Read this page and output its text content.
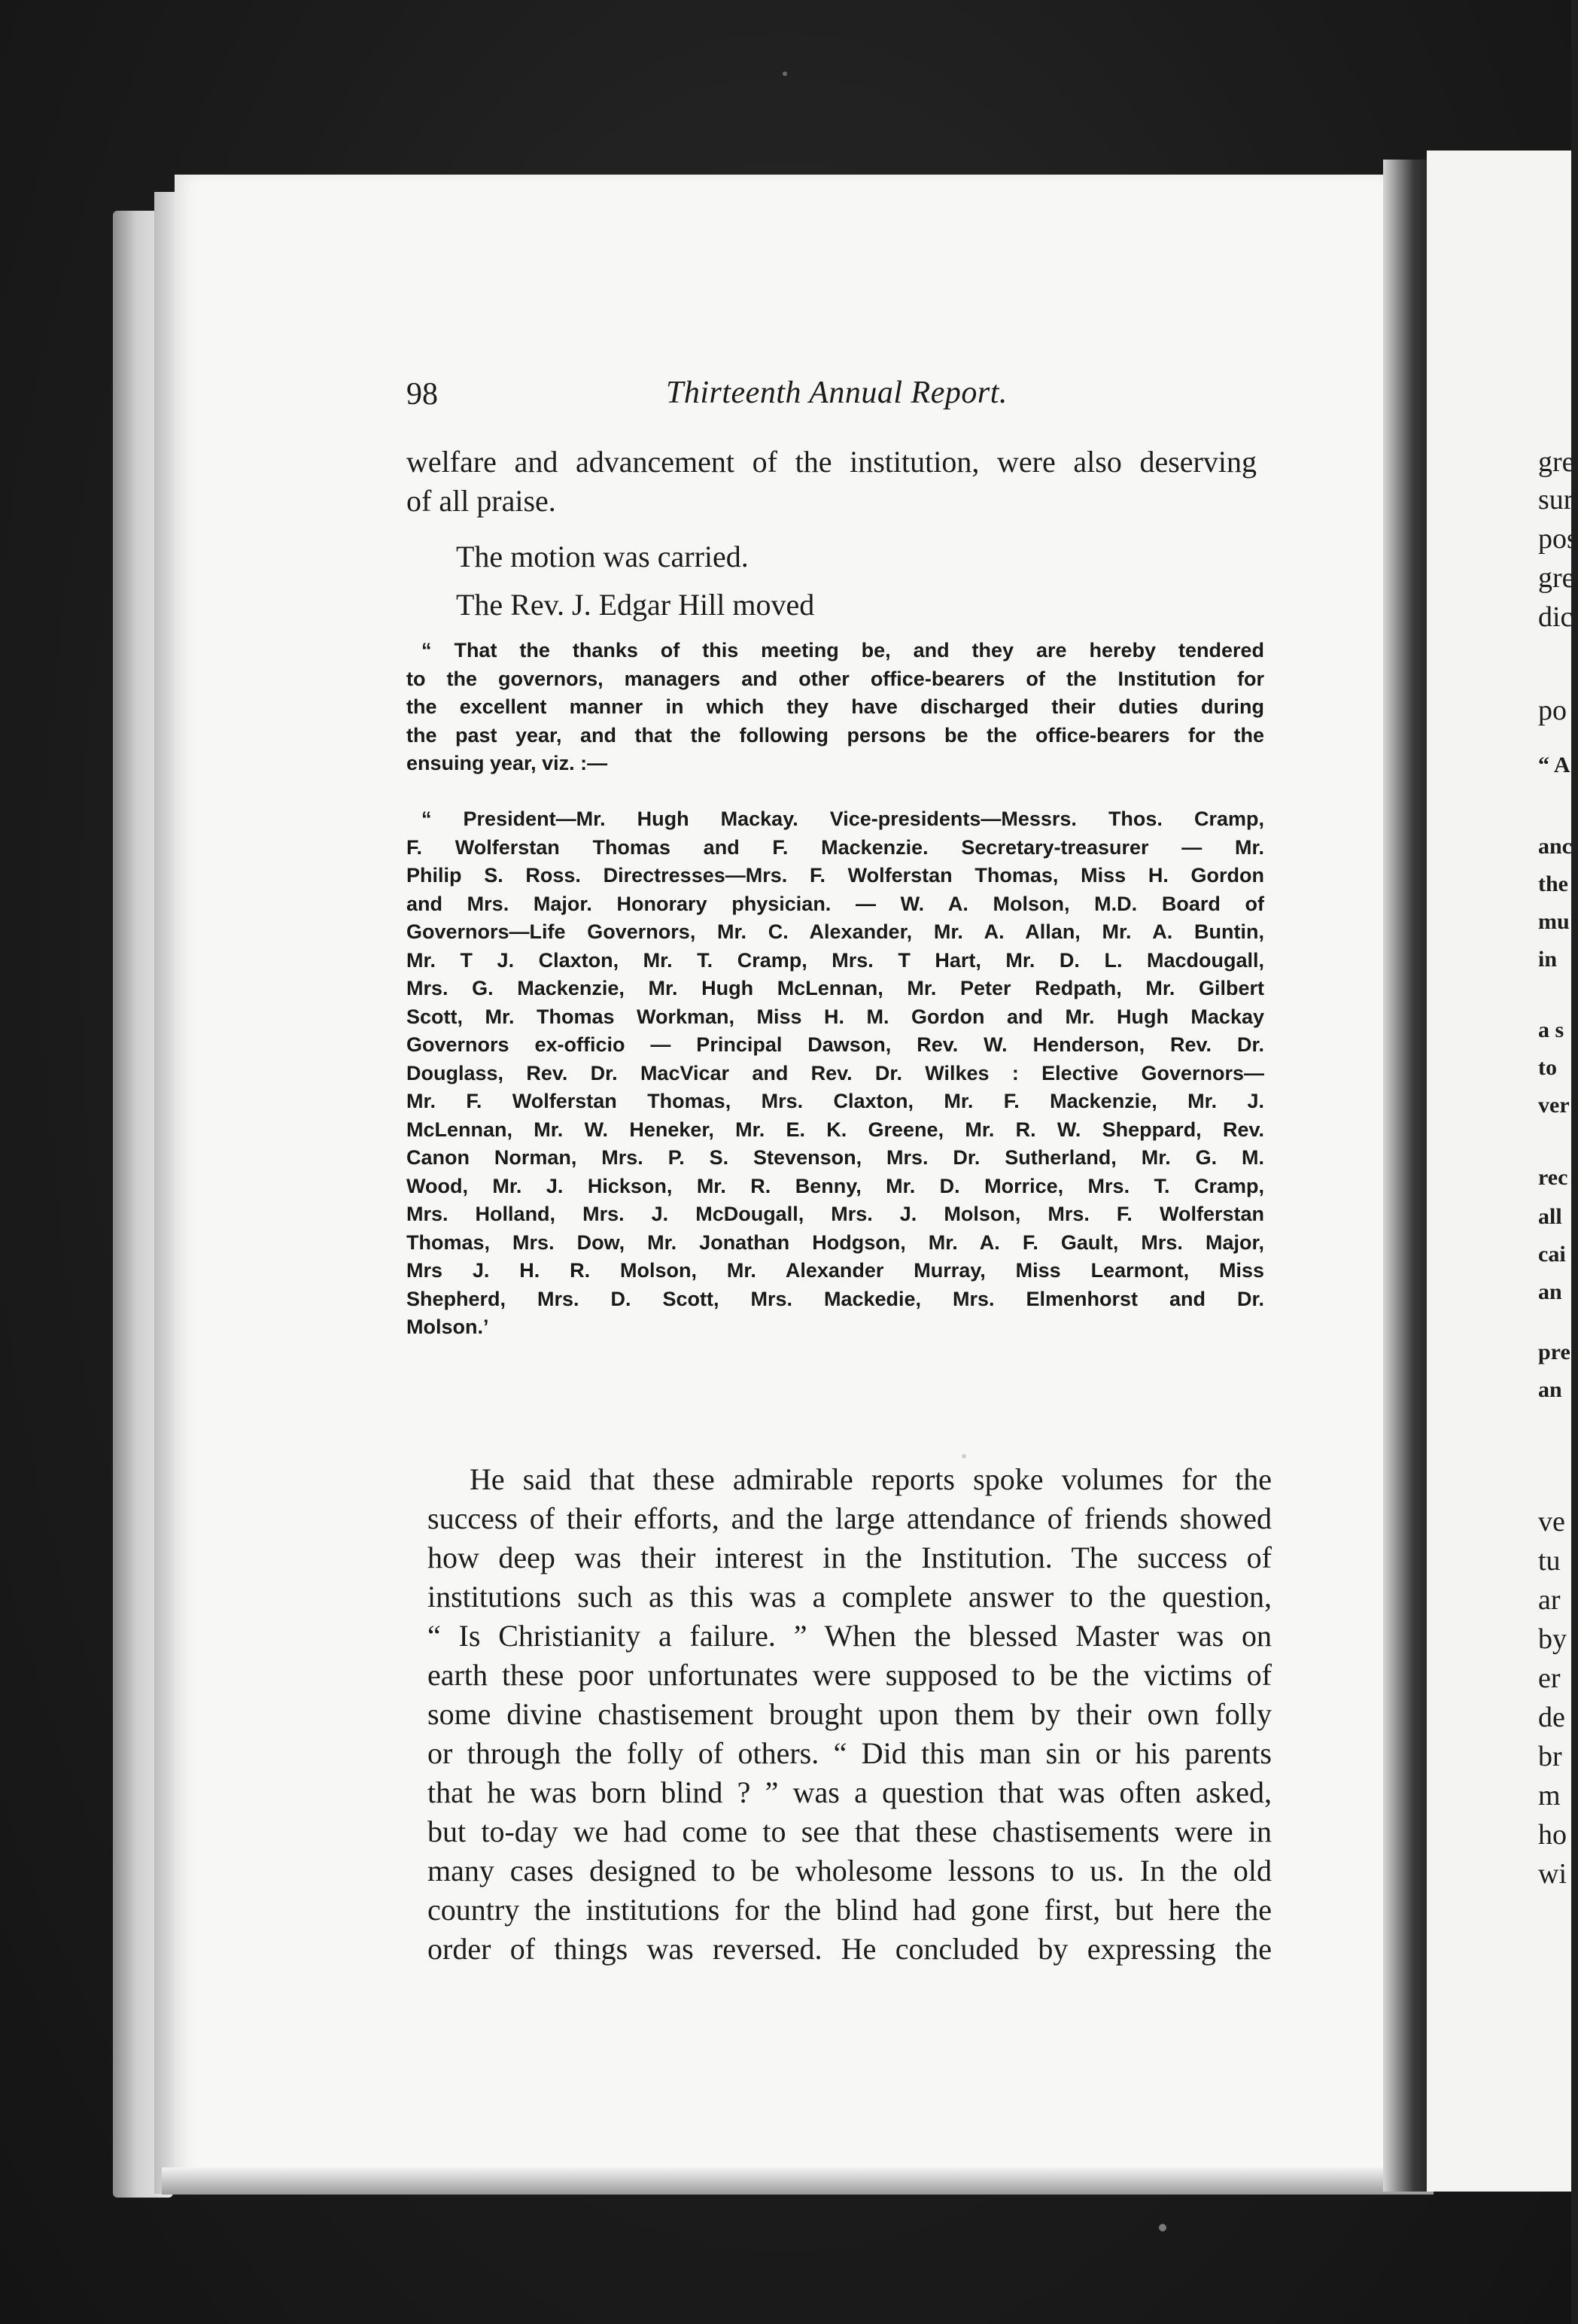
gre
sur
pos
gre
dic
po
“ A
anc
the
mu
in
a s
to
ver
rec
all
cai
an
pre
an
ve
tu
ar
by
er
de
br
m
ho
wi
98	Thirteenth Annual Report.
welfare and advancement of the institution, were also deserving
of all praise.
The motion was carried.
The Rev. J. Edgar Hill moved
“ That the thanks of this meeting be, and they are hereby tendered
to the governors, managers and other office-bearers of the Institution for
the excellent manner in which they have discharged their duties during
the past year, and that the following persons be the office-bearers for the
ensuing year, viz. :—
“ President—Mr. Hugh Mackay. Vice-presidents—Messrs. Thos. Cramp,
F. Wolferstan Thomas and F. Mackenzie. Secretary-treasurer — Mr.
Philip S. Ross. Directresses—Mrs. F. Wolferstan Thomas, Miss H. Gordon
and Mrs. Major. Honorary physician. — W. A. Molson, M.D. Board of
Governors—Life Governors, Mr. C. Alexander, Mr. A. Allan, Mr. A. Buntin,
Mr. T J. Claxton, Mr. T. Cramp, Mrs. T Hart, Mr. D. L. Macdougall,
Mrs. G. Mackenzie, Mr. Hugh McLennan, Mr. Peter Redpath, Mr. Gilbert
Scott, Mr. Thomas Workman, Miss H. M. Gordon and Mr. Hugh Mackay
Governors ex-officio — Principal Dawson, Rev. W. Henderson, Rev. Dr.
Douglass, Rev. Dr. MacVicar and Rev. Dr. Wilkes : Elective Governors—
Mr. F. Wolferstan Thomas, Mrs. Claxton, Mr. F. Mackenzie, Mr. J.
McLennan, Mr. W. Heneker, Mr. E. K. Greene, Mr. R. W. Sheppard, Rev.
Canon Norman, Mrs. P. S. Stevenson, Mrs. Dr. Sutherland, Mr. G. M.
Wood, Mr. J. Hickson, Mr. R. Benny, Mr. D. Morrice, Mrs. T. Cramp,
Mrs. Holland, Mrs. J. McDougall, Mrs. J. Molson, Mrs. F. Wolferstan
Thomas, Mrs. Dow, Mr. Jonathan Hodgson, Mr. A. F. Gault, Mrs. Major,
Mrs J. H. R. Molson, Mr. Alexander Murray, Miss Learmont, Miss
Shepherd, Mrs. D. Scott, Mrs. Mackedie, Mrs. Elmenhorst and Dr.
Molson.’
He said that these admirable reports spoke volumes for the
success of their efforts, and the large attendance of friends showed
how deep was their interest in the Institution. The success of
institutions such as this was a complete answer to the question,
“ Is Christianity a failure. ” When the blessed Master was on
earth these poor unfortunates were supposed to be the victims of
some divine chastisement brought upon them by their own folly
or through the folly of others. “ Did this man sin or his parents
that he was born blind ? ” was a question that was often asked,
but to-day we had come to see that these chastisements were in
many cases designed to be wholesome lessons to us. In the old
country the institutions for the blind had gone first, but here the
order of things was reversed. He concluded by expressing the
